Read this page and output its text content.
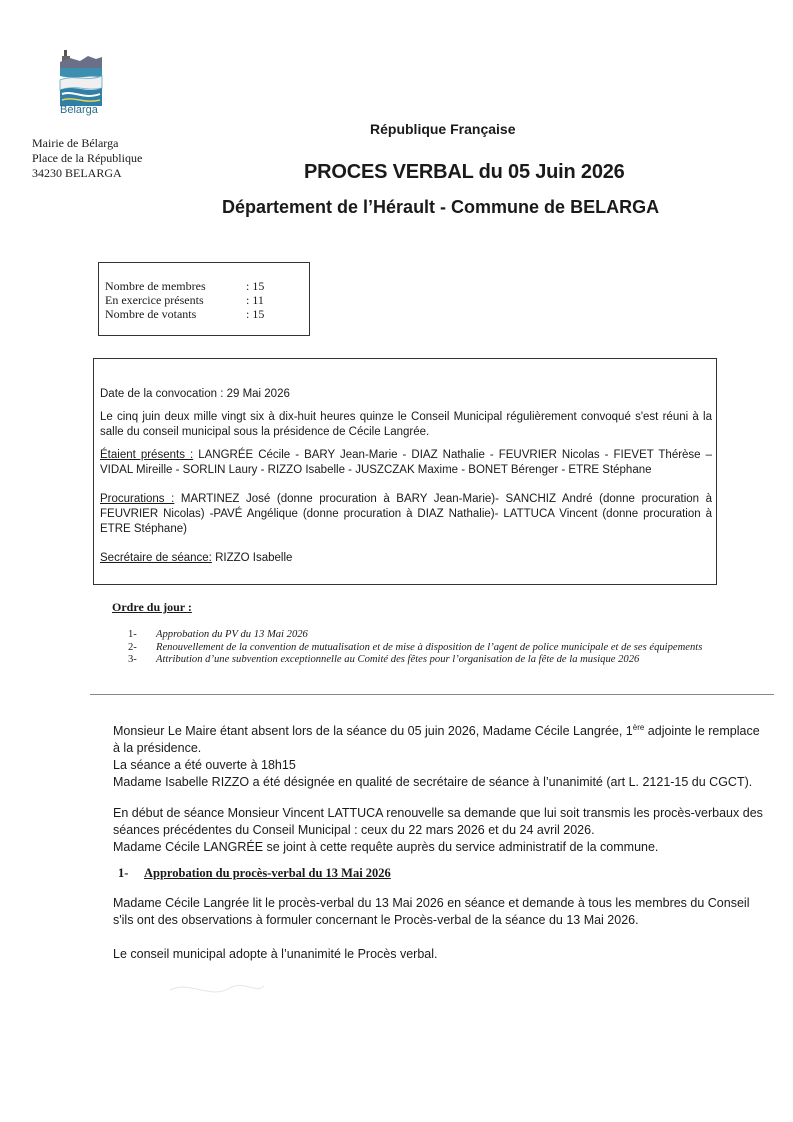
Bélarga
Mairie de Bélarga
Place de la République
34230 BELARGA
République Française
PROCES VERBAL du 05 Juin 2026
Département de l’Hérault - Commune de BELARGA
Nombre de membres	: 15
En exercice présents	: 11
Nombre de votants	: 15

Date de la convocation : 29 Mai 2026

Le cinq juin deux mille vingt six à dix-huit heures quinze le Conseil Municipal régulièrement convoqué s'est réuni à la salle du conseil municipal sous la présidence de Cécile Langrée.

Étaient présents : LANGRÉE Cécile - BARY Jean-Marie - DIAZ Nathalie - FEUVRIER Nicolas - FIEVET Thérèse – VIDAL Mireille - SORLIN Laury - RIZZO Isabelle - JUSZCZAK Maxime - BONET Bérenger - ETRE Stéphane

Procurations : MARTINEZ José (donne procuration à BARY Jean-Marie)- SANCHIZ André (donne procuration à FEUVRIER Nicolas) -PAVÉ Angélique (donne procuration à DIAZ Nathalie)- LATTUCA Vincent (donne procuration à ETRE Stéphane)

Secrétaire de séance: RIZZO Isabelle

Ordre du jour :
1-	Approbation du PV du 13 Mai 2026
2-	Renouvellement de la convention de mutualisation et de mise à disposition de l’agent de police municipale et de ses équipements
3-	Attribution d’une subvention exceptionnelle au Comité des fêtes pour l’organisation de la fête de la musique 2026

Monsieur Le Maire étant absent lors de la séance du 05 juin 2026, Madame Cécile Langrée, 1ère adjointe le remplace à la présidence.

La séance a été ouverte à 18h15

Madame Isabelle RIZZO a été désignée en qualité de secrétaire de séance à l’unanimité (art L. 2121-15 du CGCT).

En début de séance Monsieur Vincent LATTUCA renouvelle sa demande que lui soit transmis les procès-verbaux des séances précédentes du Conseil Municipal : ceux du 22 mars 2026 et du 24 avril 2026.

Madame Cécile LANGRÉE se joint à cette requête auprès du service administratif de la commune.

1- Approbation du procès-verbal du 13 Mai 2026

Madame Cécile Langrée lit le procès-verbal du 13 Mai 2026 en séance et demande à tous les membres du Conseil s'ils ont des observations à formuler concernant le Procès-verbal de la séance du 13 Mai 2026.

Le conseil municipal adopte à l’unanimité le Procès verbal.
